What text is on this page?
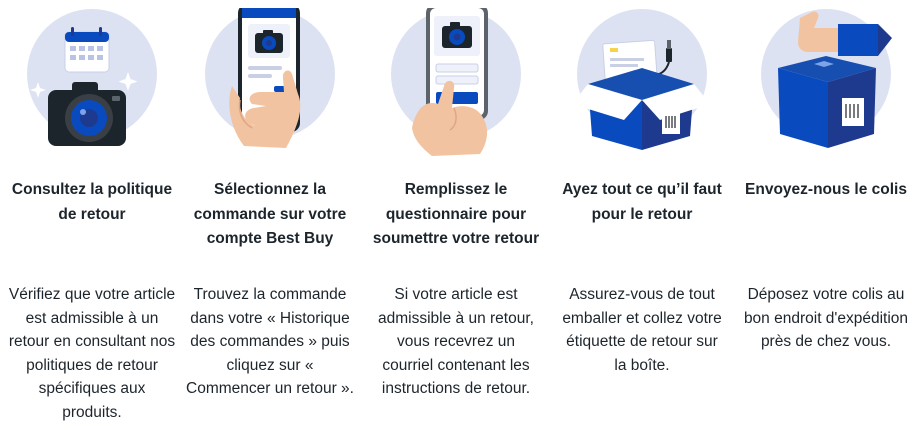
Consultez la politique de retour
Vérifiez que votre article est admissible à un retour en consultant nos politiques de retour spécifiques aux produits.
Sélectionnez la commande sur votre compte Best Buy
Trouvez la commande dans votre « Historique des commandes » puis cliquez sur « Commencer un retour ».
Remplissez le questionnaire pour soumettre votre retour
Si votre article est admissible à un retour, vous recevrez un courriel contenant les instructions de retour.
Ayez tout ce qu’il faut pour le retour
Assurez-vous de tout emballer et collez votre étiquette de retour sur la boîte.
Envoyez-nous le colis
Déposez votre colis au bon endroit d'expédition près de chez vous.
